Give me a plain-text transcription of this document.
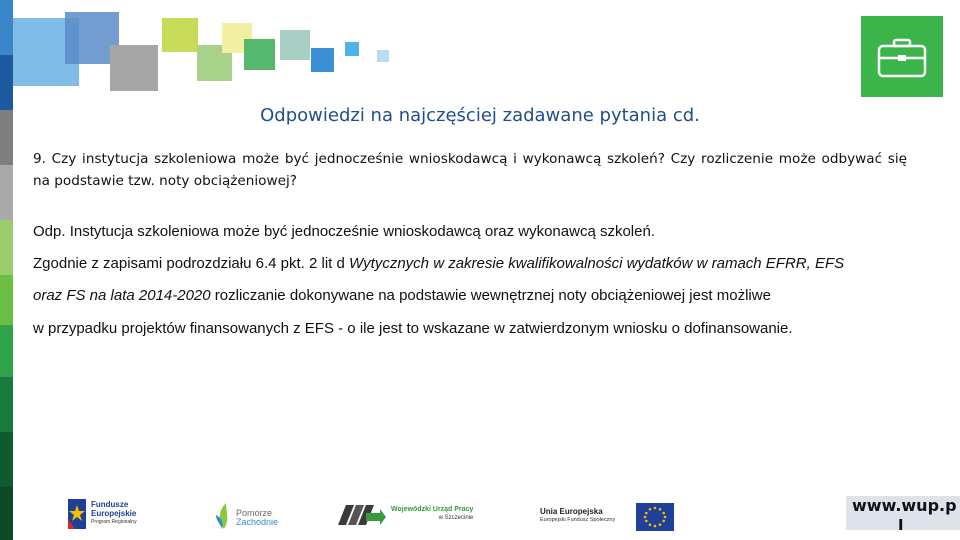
Odpowiedzi na najczęściej zadawane pytania cd.
9. Czy instytucja szkoleniowa może być jednocześnie wnioskodawcą i wykonawcą szkoleń? Czy rozliczenie może odbywać się na podstawie tzw. noty obciążeniowej?
Odp. Instytucja szkoleniowa może być jednocześnie wnioskodawcą oraz wykonawcą szkoleń.
Zgodnie z zapisami podrozdziału 6.4 pkt. 2 lit d Wytycznych w zakresie kwalifikowalności wydatków w ramach EFRR, EFS
oraz FS na lata 2014-2020 rozliczanie dokonywane na podstawie wewnętrznej noty obciążeniowej jest możliwe
w przypadku projektów finansowanych z EFS - o ile jest to wskazane w zatwierdzonym wniosku o dofinansowanie.
Fundusze
Europejskie
Program Regionalny
Pomorze
Zachodnie
Wojewódzki Urząd Pracy
w Szczecinie
Unia Europejska
Europejski Fundusz Społeczny
www.wup.p
l
